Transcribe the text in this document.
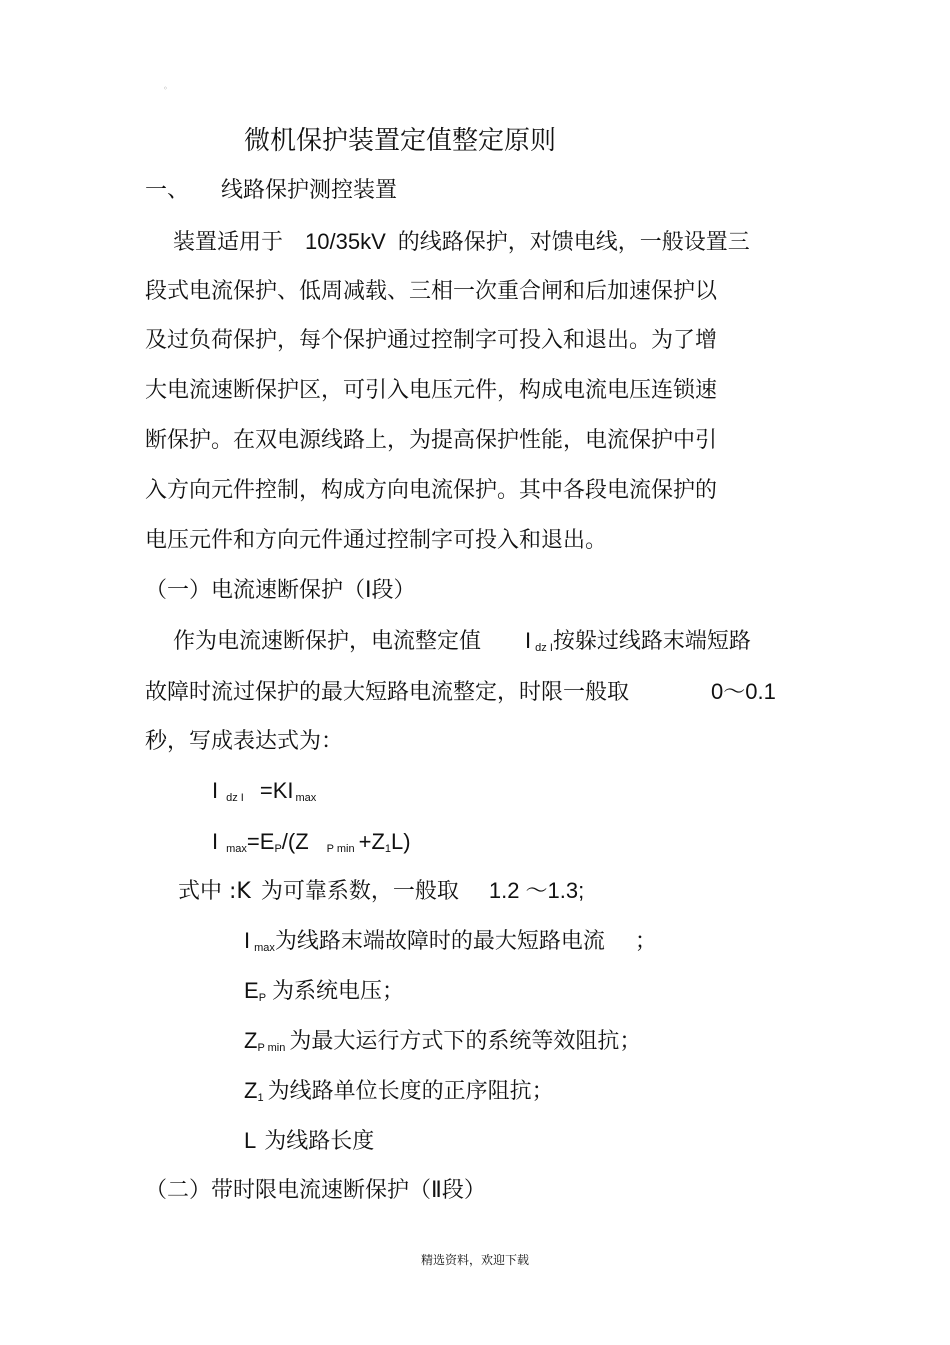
◦
微机保护装置定值整定原则
一、 线路保护测控装置
装置适用于 10/35kV 的线路保护，对馈电线，一般设置三
段式电流保护、低周减载、三相一次重合闸和后加速保护以
及过负荷保护，每个保护通过控制字可投入和退出。为了增
大电流速断保护区，可引入电压元件，构成电流电压连锁速
断保护。在双电源线路上，为提高保护性能，电流保护中引
入方向元件控制，构成方向电流保护。其中各段电流保护的
电压元件和方向元件通过控制字可投入和退出。
（一）电流速断保护（Ⅰ段）
作为电流速断保护，电流整定值 I $_{dz I}$按躲过线路末端短路
故障时流过保护的最大短路电流整定，时限一般取	0～0.1
秒，写成表达式为：
I $_{dz I}$ =KI $_{max}$
I $_{max}=E_P/(Z$ $_{P min} +Z_1L$)
式中 :K 为可靠系数，一般取 1.2 ～1.3;
I $_{max}$为线路末端故障时的最大短路电流 ；
$E_P$ 为系统电压；
$Z_{P min}$ 为最大运行方式下的系统等效阻抗；
$Z_1$ 为线路单位长度的正序阻抗；
L 为线路长度
（二）带时限电流速断保护（Ⅱ段）
精选资料，欢迎下载
